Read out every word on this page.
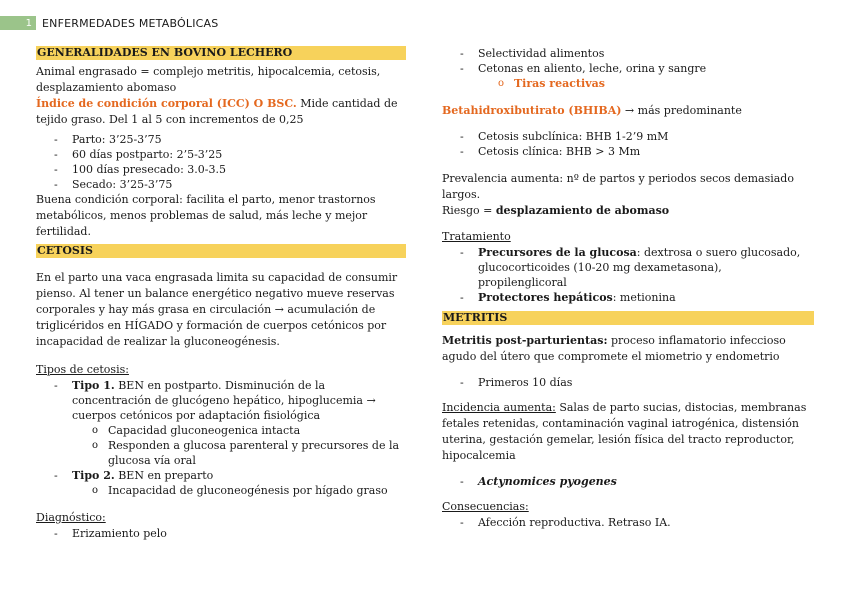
1 ENFERMEDADES METABÓLICAS
GENERALIDADES EN BOVINO LECHERO

Animal engrasado = complejo metritis, hipocalcemia, cetosis, desplazamiento abomaso

Índice de condición corporal (ICC) O BSC. Mide cantidad de tejido graso. Del 1 al 5 con incrementos de 0,25

- Parto: 3’25-3’75
- 60 días postparto: 2’5-3’25
- 100 días presecado: 3.0-3.5
- Secado: 3’25-3’75

Buena condición corporal: facilita el parto, menor trastornos metabólicos, menos problemas de salud, más leche y mejor fertilidad.

CETOSIS

En el parto una vaca engrasada limita su capacidad de consumir pienso. Al tener un balance energético negativo mueve reservas corporales y hay más grasa en circulación → acumulación de triglicéridos en HÍGADO y formación de cuerpos cetónicos por incapacidad de realizar la gluconeogénesis.

Tipos de cetosis:

- Tipo 1. BEN en postparto. Disminución de la concentración de glucógeno hepático, hipoglucemia → cuerpos cetónicos por adaptación fisiológica
o Capacidad gluconeogenica intacta
o Responden a glucosa parenteral y precursores de la glucosa vía oral
- Tipo 2. BEN en preparto
o Incapacidad de gluconeogénesis por hígado graso

Diagnóstico:

- Erizamiento pelo
- Selectividad alimentos
- Cetonas en aliento, leche, orina y sangre
o Tiras reactivas

Betahidroxibutirato (BHIBA) → más predominante

- Cetosis subclínica: BHB 1-2’9 mM
- Cetosis clínica: BHB > 3 Mm

Prevalencia aumenta: nº de partos y periodos secos demasiado largos.

Riesgo = desplazamiento de abomaso

Tratamiento

- Precursores de la glucosa: dextrosa o suero glucosado, glucocorticoides (10-20 mg dexametasona), propilenglicoral
- Protectores hepáticos: metionina
METRITIS

Metritis post-parturientas: proceso inflamatorio infeccioso agudo del útero que compromete el miometrio y endometrio

- Primeros 10 días

Incidencia aumenta: Salas de parto sucias, distocias, membranas fetales retenidas, contaminación vaginal iatrogénica, distensión uterina, gestación gemelar, lesión física del tracto reproductor, hipocalcemia

- Actynomices pyogenes

Consecuencias:

- Afección reproductiva. Retraso IA.
